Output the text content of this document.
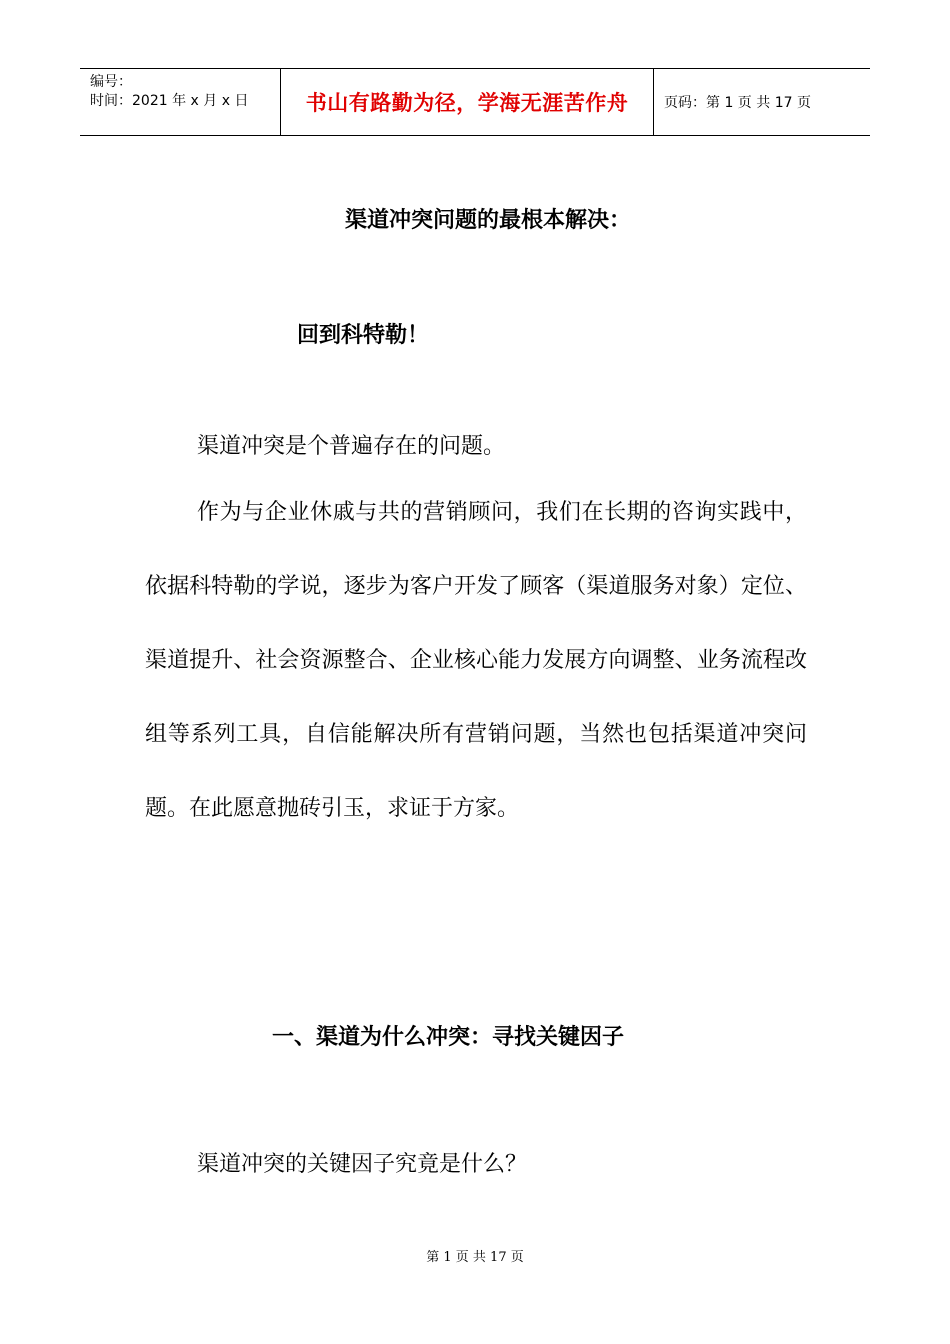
编号：
时间：2021 年 x 月 x 日	书山有路勤为径，学海无涯苦作舟	页码：第 1 页 共 17 页
渠道冲突问题的最根本解决：
回到科特勒！
渠道冲突是个普遍存在的问题。
作为与企业休戚与共的营销顾问，我们在长期的咨询实践中，依据科特勒的学说，逐步为客户开发了顾客（渠道服务对象）定位、渠道提升、社会资源整合、企业核心能力发展方向调整、业务流程改组等系列工具，自信能解决所有营销问题，当然也包括渠道冲突问题。在此愿意抛砖引玉，求证于方家。
一、渠道为什么冲突：寻找关键因子
渠道冲突的关键因子究竟是什么？
第 1 页 共 17 页
